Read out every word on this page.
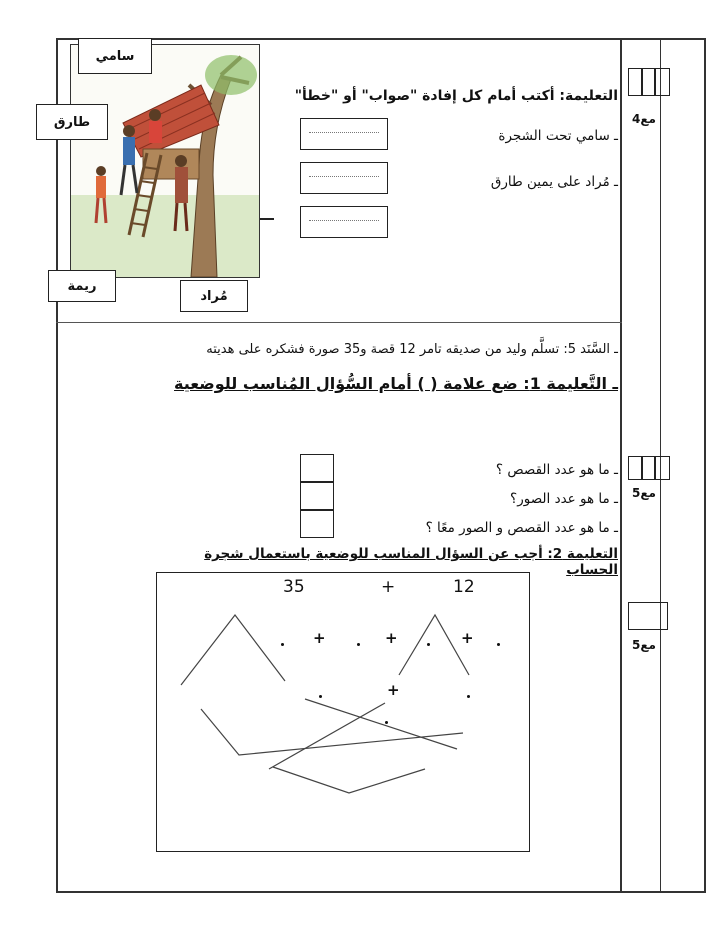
سامي
طارق
ريمة
مُراد
التعليمة: أكتب أمام كل إفادة "صواب" أو "خطأ"
ـ سامي تحت الشجرة
ـ مُراد على يمين طارق
مع4
ـ السَّنَد 5: تسلَّم وليد من صديقه تامر 12 قصة و35 صورة فشكره على هديته
ـ التَّعليمة 1: ضع علامة ( ) أمام السُّؤال المُناسب للوضعية
ـ ما هو عدد القصص ؟
ـ ما هو عدد الصور؟
ـ ما هو عدد القصص و الصور معًا ؟
مع5
التعليمة 2: أجب عن السؤال المناسب للوضعية باستعمال شجرة الحساب
35	+	12
+	+	+
+
مع5
